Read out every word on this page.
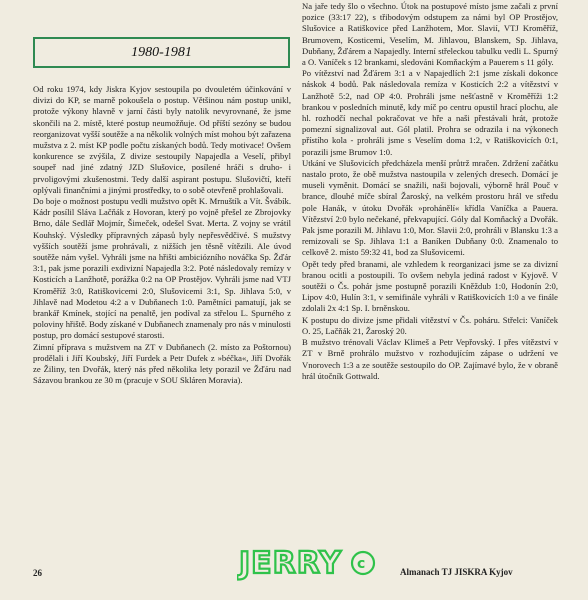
1980-1981

Od roku 1974, kdy Jiskra Kyjov sestoupila po dvouletém účinkování v divizi do KP, se marně pokoušela o postup. Většinou nám postup unikl, protože výkony hlavně v jarní části byly natolik nevyrovnané, že jsme skončili na 2. místě, které postup neumožňuje. Od příští sezóny se budou reorganizovat vyšší soutěže a na několik volných míst mohou být zařazena mužstva z 2. míst KP podle počtu získaných bodů. Tedy motivace! Ovšem konkurence se zvýšila, Z divize sestoupily Napajedla a Veselí, přibyl soupeř nad jiné zdatný JZD Slušovice, posílené hráči s druho- i prvoligovými zkušenostmi. Tedy další aspirant postupu. Slušovičtí, kteří oplývali finančními a jinými prostředky, to o sobě otevřeně prohlašovali.

Do boje o možnost postupu vedli mužstvo opět K. Mrnuštík a Vít. Švábík. Kádr posílil Sláva Lačňák z Hovoran, který po vojně přešel ze Zbrojovky Brno, dále Sedlář Mojmír, Šimeček, odešel Svat. Merta. Z vojny se vrátil Kouhský. Výsledky přípravných zápasů byly nepřesvědčivé. S mužstvy vyšších soutěží jsme prohrávali, z nižších jen těsně vítězili. Ale úvod soutěže nám vyšel. Vyhráli jsme na hřišti ambiciózního nováčka Sp. Žďár 3:1, pak jsme porazili exdivizní Napajedla 3:2. Poté následovaly remízy v Kosticích a Lanžhotě, porážka 0:2 na OP Prostějov. Vyhráli jsme nad VTJ Kroměříž 3:0, Ratiškovicemi 2:0, Slušovicemi 3:1, Sp. Jihlava 5:0, v Jihlavě nad Modetou 4:2 a v Dubňanech 1:0. Pamětníci pamatují, jak se brankář Kmínek, stojící na penaltě, jen podíval za střelou L. Spurného z poloviny hřiště. Body získané v Dubňanech znamenaly pro nás v minulosti postup, pro domácí sestupové starosti.

Zimní příprava s mužstvem na ZT v Dubňanech (2. místo za Poštornou) prodělali i Jiří Koubský, Jiří Furdek a Petr Dufek z »béčka«, Jiří Dvořák ze Žiliny, ten Dvořák, který nás před několika lety porazil ve Žďáru nad Sázavou brankou ze 30 m (pracuje v SOU Skláren Moravia).

Na jaře tedy šlo o všechno. Útok na postupové místo jsme začali z první pozice (33:17 22), s třibodovým odstupem za námi byl OP Prostějov, Slušovice a Ratiškovice před Lanžhotem, Mor. Slavií, VTJ Kroměříž, Brumovem, Kosticemi, Veselím, M. Jihlavou, Blanskem, Sp. Jihlava, Dubňany, Žďárem a Napajedly. Interní střeleckou tabulku vedli L. Spurný a O. Vaníček s 12 brankami, sledováni Komňackým a Pauerem s 11 góly.

Po vítězství nad Žďárem 3:1 a v Napajedlích 2:1 jsme získali dokonce náskok 4 bodů. Pak následovala remíza v Kosticích 2:2 a vítězství v Lanžhotě 5:2, nad OP 4:0. Prohráli jsme nešťastně v Kroměříži 1:2 brankou v posledních minutě, kdy míč po centru opustil hrací plochu, ale hl. rozhodčí nechal pokračovat ve hře a naši přestávali hrát, protože pomezní signalizoval aut. Gól platil. Prohra se odrazila i na výkonech přístího kola - prohráli jsme s Veselím doma 1:2, v Ratiškovicích 0:1, porazili jsme Brumov 1:0.

Utkání ve Slušovicích předcházela menší průtrž mračen. Zdržení začátku nastalo proto, že obě mužstva nastoupila v zelených dresech. Domácí je museli vyměnit. Domácí se snažili, naši bojovali, výborně hrál Pouč v brance, dlouhé míče sbíral Žaroský, na velkém prostoru hrál ve středu pole Hanák, v útoku Dvořák »prohánělí« křídla Vaníčka a Pauera. Vítězství 2:0 bylo nečekané, překvapující. Góly dal Komňacký a Dvořák. Pak jsme porazili M. Jihlavu 1:0, Mor. Slavii 2:0, prohráli v Blansku 1:3 a remizovali se Sp. Jihlava 1:1 a Baníken Dubňany 0:0. Znamenalo to celkově 2. místo 59:32 41, bod za Slušovicemi.

Opět tedy před branami, ale vzhledem k reorganizaci jsme se za divizní branou ocitli a postoupili. To ovšem nebyla jediná radost v Kyjově. V soutěži o Čs. pohár jsme postupně porazili Kněždub 1:0, Hodonín 2:0, Lipov 4:0, Hulín 3:1, v semifinále vyhráli v Ratiškovicích 1:0 a ve finále zdolali 2x 4:1 Sp. I. brněnskou.

K postupu do divize jsme přidali vítězství v Čs. poháru. Střelci: Vaníček O. 25, Lačňák 21, Žaroský 20.

B mužstvo trénovali Václav Klimeš a Petr Vepřovský. I přes vítězství v ZT v Brně prohrálo mužstvo v rozhodujícím zápase o udržení ve Vnorovech 1:3 a ze soutěže sestoupilo do OP. Zajímavé bylo, že v obraně hrál útočník Gottwald.

JERRY c
26	Almanach TJ JISKRA Kyjov
